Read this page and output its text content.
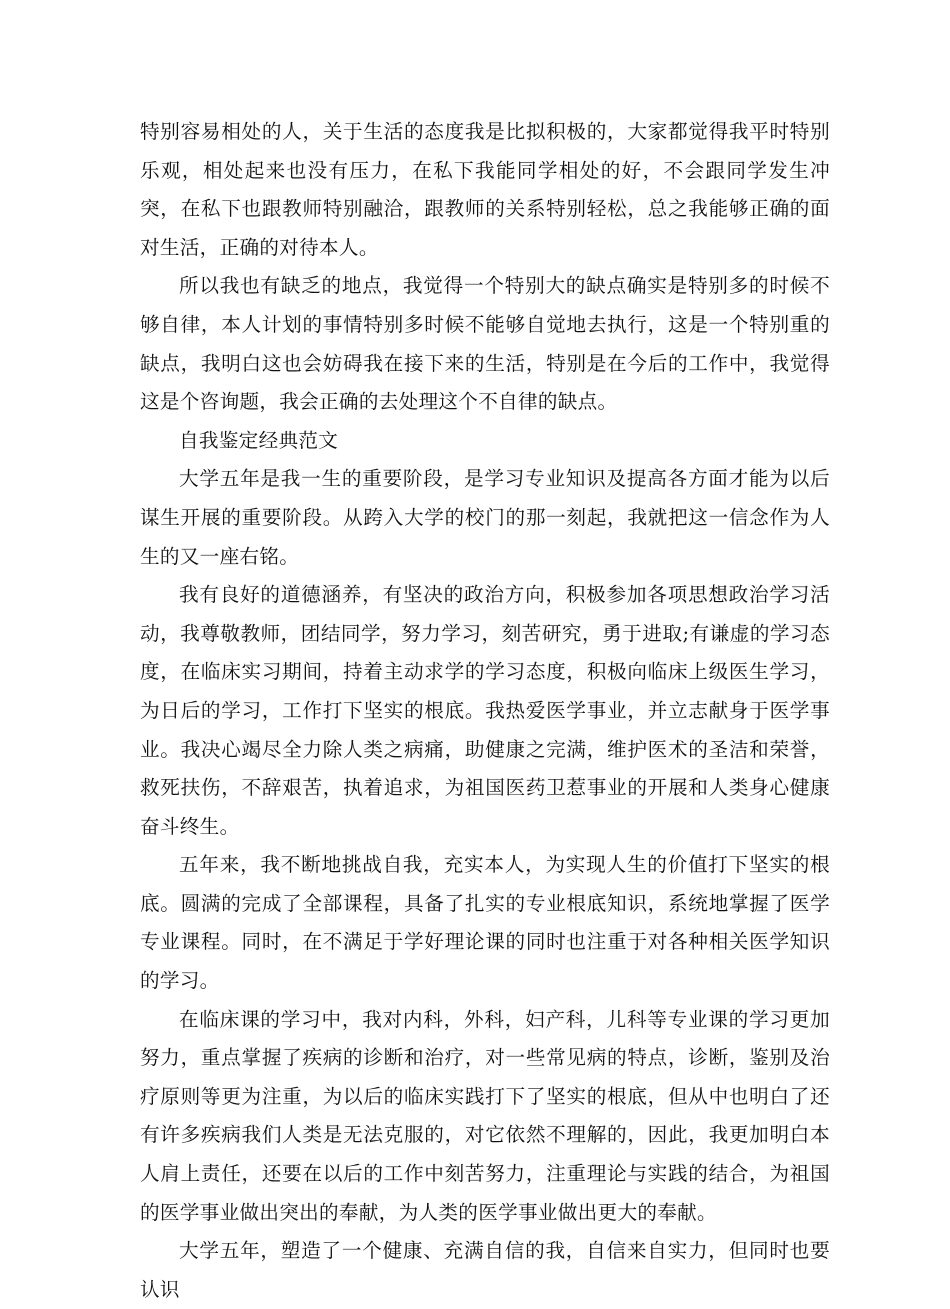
特别容易相处的人，关于生活的态度我是比拟积极的，大家都觉得我平时特别乐观，相处起来也没有压力，在私下我能同学相处的好，不会跟同学发生冲突，在私下也跟教师特别融洽，跟教师的关系特别轻松，总之我能够正确的面对生活，正确的对待本人。

所以我也有缺乏的地点，我觉得一个特别大的缺点确实是特别多的时候不够自律，本人计划的事情特别多时候不能够自觉地去执行，这是一个特别重的缺点，我明白这也会妨碍我在接下来的生活，特别是在今后的工作中，我觉得这是个咨询题，我会正确的去处理这个不自律的缺点。

自我鉴定经典范文

大学五年是我一生的重要阶段，是学习专业知识及提高各方面才能为以后谋生开展的重要阶段。从跨入大学的校门的那一刻起，我就把这一信念作为人生的又一座右铭。

我有良好的道德涵养，有坚决的政治方向，积极参加各项思想政治学习活动，我尊敬教师，团结同学，努力学习，刻苦研究，勇于进取;有谦虚的学习态度，在临床实习期间，持着主动求学的学习态度，积极向临床上级医生学习，为日后的学习，工作打下坚实的根底。我热爱医学事业，并立志献身于医学事业。我决心竭尽全力除人类之病痛，助健康之完满，维护医术的圣洁和荣誉，救死扶伤，不辞艰苦，执着追求，为祖国医药卫惹事业的开展和人类身心健康奋斗终生。

五年来，我不断地挑战自我，充实本人，为实现人生的价值打下坚实的根底。圆满的完成了全部课程，具备了扎实的专业根底知识，系统地掌握了医学专业课程。同时，在不满足于学好理论课的同时也注重于对各种相关医学知识的学习。

在临床课的学习中，我对内科，外科，妇产科，儿科等专业课的学习更加努力，重点掌握了疾病的诊断和治疗，对一些常见病的特点，诊断，鉴别及治疗原则等更为注重，为以后的临床实践打下了坚实的根底，但从中也明白了还有许多疾病我们人类是无法克服的，对它依然不理解的，因此，我更加明白本人肩上责任，还要在以后的工作中刻苦努力，注重理论与实践的结合，为祖国的医学事业做出突出的奉献，为人类的医学事业做出更大的奉献。

大学五年，塑造了一个健康、充满自信的我，自信来自实力，但同时也要认识
